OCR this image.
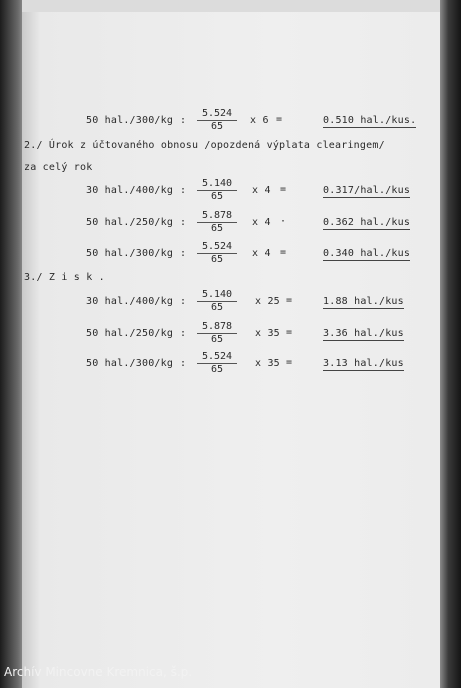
50 hal./300/kg :
5.524
65
x 6 =	0.510 hal./kus.
2./ Úrok z účtovaného obnosu /opozdená výplata clearingem/
za celý rok
30 hal./400/kg :
5.140
65
x 4 =	0.317/hal./kus
50 hal./250/kg :
5.878
65
x 4 ·	0.362 hal./kus
50 hal./300/kg :
5.524
65
x 4 =	0.340 hal./kus
3./ Z i s k .
30 hal./400/kg :
5.140
65
x 25 =	1.88 hal./kus
50 hal./250/kg :
5.878
65
x 35 =	3.36 hal./kus
50 hal./300/kg :
5.524
65
x 35 =	3.13 hal./kus
Archív Mincovne Kremnica, š.p.
